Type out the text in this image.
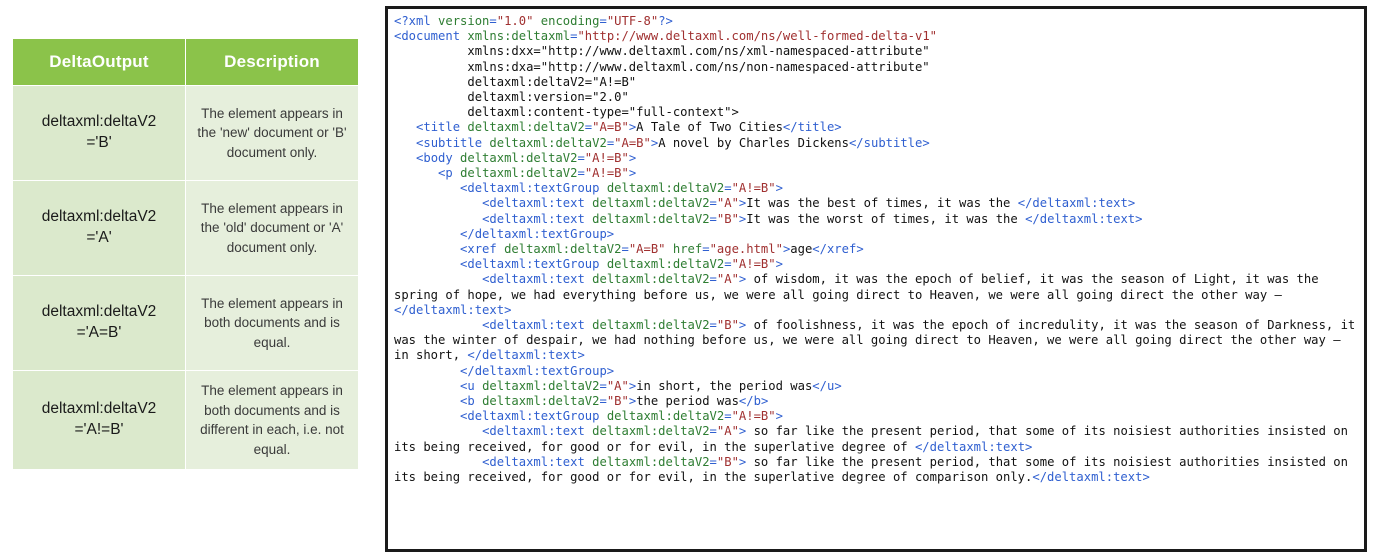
DeltaOutput	Description
deltaxml:deltaV2
='B'	The element appears in the 'new' document or 'B' document only.
deltaxml:deltaV2
='A'	The element appears in the 'old' document or 'A' document only.
deltaxml:deltaV2
='A=B'	The element appears in both documents and is equal.
deltaxml:deltaV2
='A!=B'	The element appears in both documents and is different in each, i.e. not equal.
<?xml version="1.0" encoding="UTF-8"?>
<document xmlns:deltaxml="http://www.deltaxml.com/ns/well-formed-delta-v1"
xmlns:dxx="http://www.deltaxml.com/ns/xml-namespaced-attribute"
xmlns:dxa="http://www.deltaxml.com/ns/non-namespaced-attribute"
deltaxml:deltaV2="A!=B"
deltaxml:version="2.0"
deltaxml:content-type="full-context">
<title deltaxml:deltaV2="A=B">A Tale of Two Cities</title>
<subtitle deltaxml:deltaV2="A=B">A novel by Charles Dickens</subtitle>
<body deltaxml:deltaV2="A!=B">
<p deltaxml:deltaV2="A!=B">
<deltaxml:textGroup deltaxml:deltaV2="A!=B">
<deltaxml:text deltaxml:deltaV2="A">It was the best of times, it was the </deltaxml:text>
<deltaxml:text deltaxml:deltaV2="B">It was the worst of times, it was the </deltaxml:text>
</deltaxml:textGroup>
<xref deltaxml:deltaV2="A=B" href="age.html">age</xref>
<deltaxml:textGroup deltaxml:deltaV2="A!=B">
<deltaxml:text deltaxml:deltaV2="A"> of wisdom, it was the epoch of belief, it was the season of Light, it was the spring of hope, we had everything before us, we were all going direct to Heaven, we were all going direct the other way – </deltaxml:text>
<deltaxml:text deltaxml:deltaV2="B"> of foolishness, it was the epoch of incredulity, it was the season of Darkness, it was the winter of despair, we had nothing before us, we were all going direct to Heaven, we were all going direct the other way – in short, </deltaxml:text>
</deltaxml:textGroup>
<u deltaxml:deltaV2="A">in short, the period was</u>
<b deltaxml:deltaV2="B">the period was</b>
<deltaxml:textGroup deltaxml:deltaV2="A!=B">
<deltaxml:text deltaxml:deltaV2="A"> so far like the present period, that some of its noisiest authorities insisted on its being received, for good or for evil, in the superlative degree of </deltaxml:text>
<deltaxml:text deltaxml:deltaV2="B"> so far like the present period, that some of its noisiest authorities insisted on its being received, for good or for evil, in the superlative degree of comparison only.</deltaxml:text>
